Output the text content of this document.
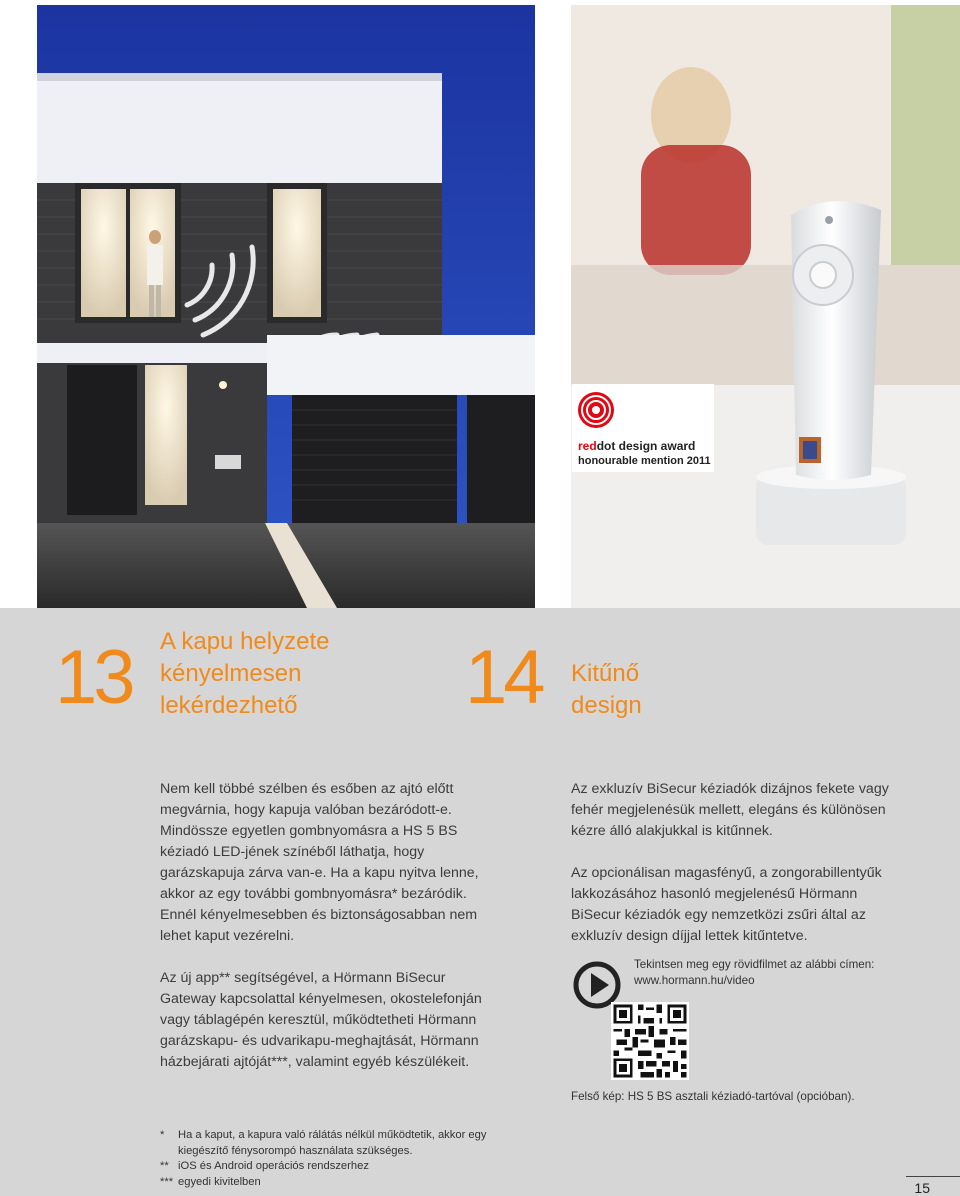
reddot design award
honourable mention 2011
13 A kapu helyzete
kényelmesen
lekérdezhető	14 Kitűnő
design

Nem kell többé szélben és esőben az ajtó előtt megvárnia, hogy kapuja valóban bezáródott-e. Mindössze egyetlen gombnyomásra a HS 5 BS kéziadó LED-jének színéből láthatja, hogy garázskapuja zárva van-e. Ha a kapu nyitva lenne, akkor az egy további gombnyomásra* bezáródik. Ennél kényelmesebben és biztonságosabban nem lehet kaput vezérelni.

Az új app** segítségével, a Hörmann BiSecur Gateway kapcsolattal kényelmesen, okostelefonján vagy táblagépén keresztül, működtetheti Hörmann garázskapu- és udvarikapu-meghajtását, Hörmann házbejárati ajtóját***, valamint egyéb készülékeit.

Az exkluzív BiSecur kéziadók dizájnos fekete vagy fehér megjelenésük mellett, elegáns és különösen kézre álló alakjukkal is kitűnnek.

Az opcionálisan magasfényű, a zongorabillentyűk lakkozásához hasonló megjelenésű Hörmann BiSecur kéziadók egy nemzetközi zsűri által az exkluzív design díjjal lettek kitűntetve.

Tekintsen meg egy rövidfilmet az alábbi címen:
www.hormann.hu/video
Felső kép: HS 5 BS asztali kéziadó-tartóval (opcióban).
*	Ha a kaput, a kapura való rálátás nélkül működtetik, akkor egy kiegészítő fénysorompó használata szükséges.
** iOS és Android operációs rendszerhez
*** egyedi kivitelben	15
